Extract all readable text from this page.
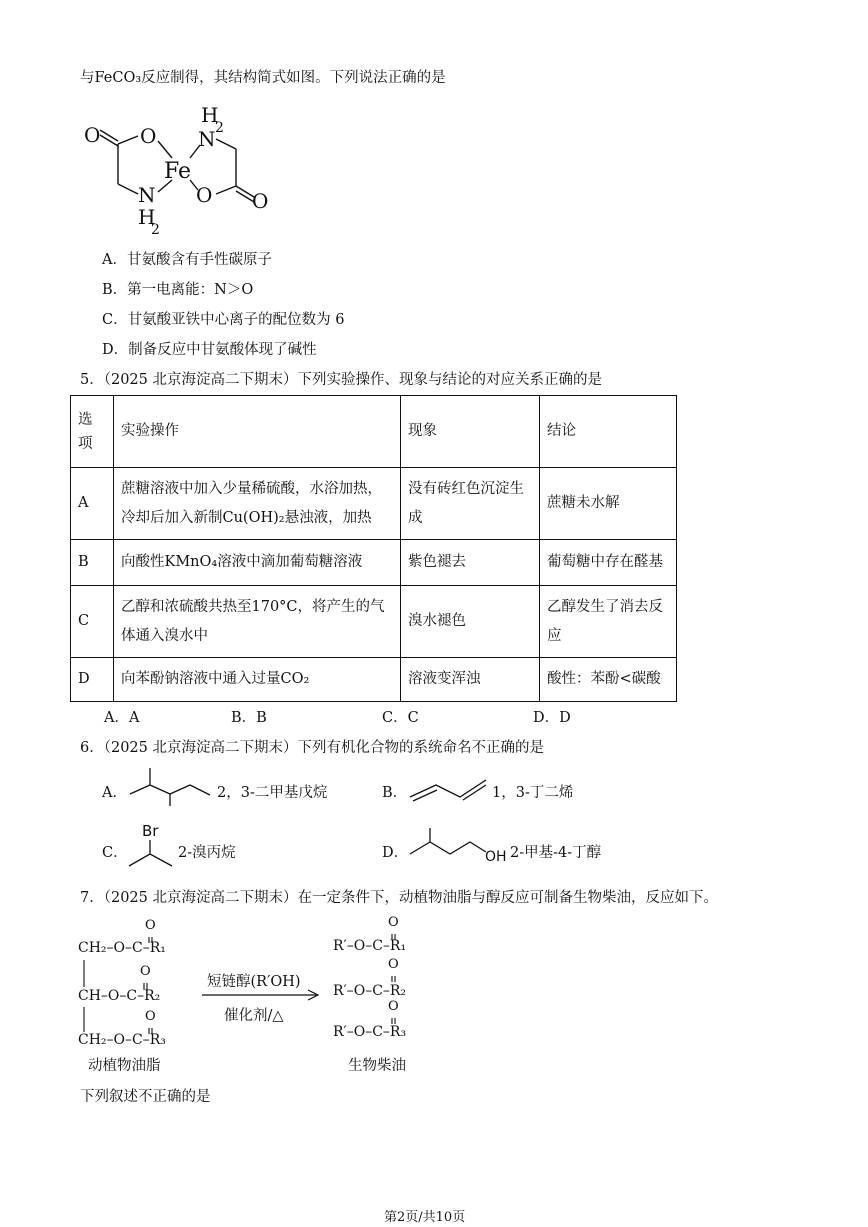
与FeCO₃反应制得，其结构简式如图。下列说法正确的是
O O
Fe
N
H
2
N
H
2
O O
A．甘氨酸含有手性碳原子
B．第一电离能：N＞O
C．甘氨酸亚铁中心离子的配位数为 6
D．制备反应中甘氨酸体现了碱性
5．（2025 北京海淀高二下期末）下列实验操作、现象与结论的对应关系正确的是
选项	实验操作	现象	结论
A	蔗糖溶液中加入少量稀硫酸，水浴加热，冷却后加入新制Cu(OH)₂悬浊液，加热	没有砖红色沉淀生成	蔗糖未水解
B	向酸性KMnO₄溶液中滴加葡萄糖溶液	紫色褪去	葡萄糖中存在醛基
C	乙醇和浓硫酸共热至170°C，将产生的气体通入溴水中	溴水褪色	乙醇发生了消去反应
D	向苯酚钠溶液中通入过量CO₂	溶液变浑浊	酸性：苯酚<碳酸
A．A	B．B	C．C	D．D
6．（2025 北京海淀高二下期末）下列有机化合物的系统命名不正确的是
A．	2，3-二甲基戊烷	B．	1，3-丁二烯
C．
Br
2-溴丙烷	D．	OH 2-甲基-4-丁醇
7．（2025 北京海淀高二下期末）在一定条件下，动植物油脂与醇反应可制备生物柴油，反应如下。
CH₂–O–C–R₁
CH–O–C–R₂
CH₂–O–C–R₃
O
O
O
短链醇(R′OH)
催化剂/△
R′–O–C–R₁
R′–O–C–R₂
R′–O–C–R₃
O
O
O
动植物油脂	生物柴油
下列叙述不正确的是
第2页/共10页
